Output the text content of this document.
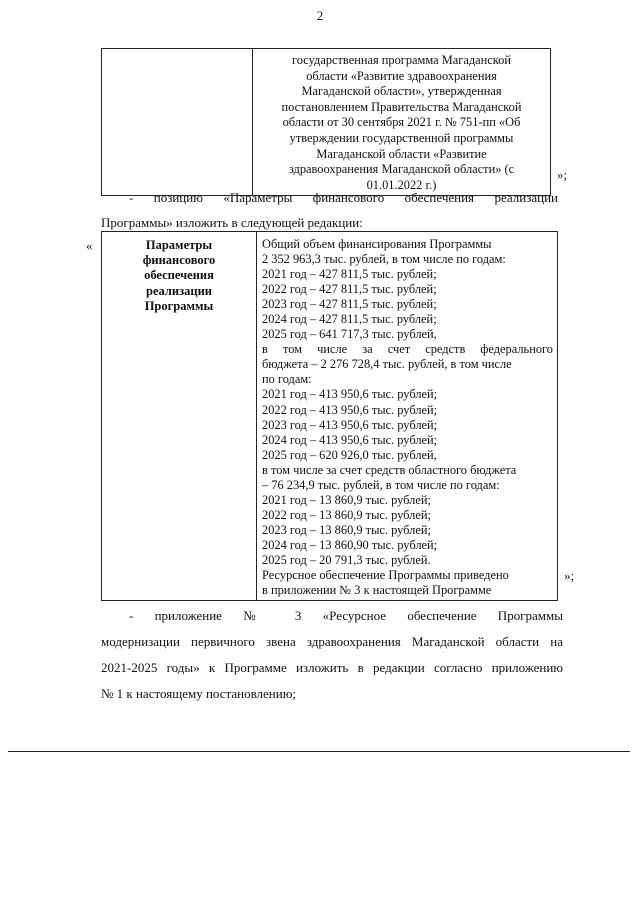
2

государственная программа Магаданской
области «Развитие здравоохранения
Магаданской области», утвержденная
постановлением Правительства Магаданской
области от 30 сентября 2021 г. № 751-пп «Об
утверждении государственной программы
Магаданской области «Развитие
здравоохранения Магаданской области» (с
01.01.2022 г.)
»;
- позицию «Параметры финансового обеспечения реализации
Программы» изложить в следующей редакции:
«	Параметры
финансового
обеспечения
реализации
Программы

Общий объем финансирования Программы
2 352 963,3 тыс. рублей, в том числе по годам:
2021 год – 427 811,5 тыс. рублей;
2022 год – 427 811,5 тыс. рублей;
2023 год – 427 811,5 тыс. рублей;
2024 год – 427 811,5 тыс. рублей;
2025 год – 641 717,3 тыс. рублей,
в том числе за счет средств федерального
бюджета – 2 276 728,4 тыс. рублей, в том числе
по годам:
2021 год – 413 950,6 тыс. рублей;
2022 год – 413 950,6 тыс. рублей;
2023 год – 413 950,6 тыс. рублей;
2024 год – 413 950,6 тыс. рублей;
2025 год – 620 926,0 тыс. рублей,
в том числе за счет средств областного бюджета
– 76 234,9 тыс. рублей, в том числе по годам:
2021 год – 13 860,9 тыс. рублей;
2022 год – 13 860,9 тыс. рублей;
2023 год – 13 860,9 тыс. рублей;
2024 год – 13 860,90 тыс. рублей;
2025 год – 20 791,3 тыс. рублей.
Ресурсное обеспечение Программы приведено
в приложении № 3 к настоящей Программе
»;
- приложение № 3 «Ресурсное обеспечение Программы
модернизации первичного звена здравоохранения Магаданской области на
2021-2025 годы» к Программе изложить в редакции согласно приложению
№ 1 к настоящему постановлению;
